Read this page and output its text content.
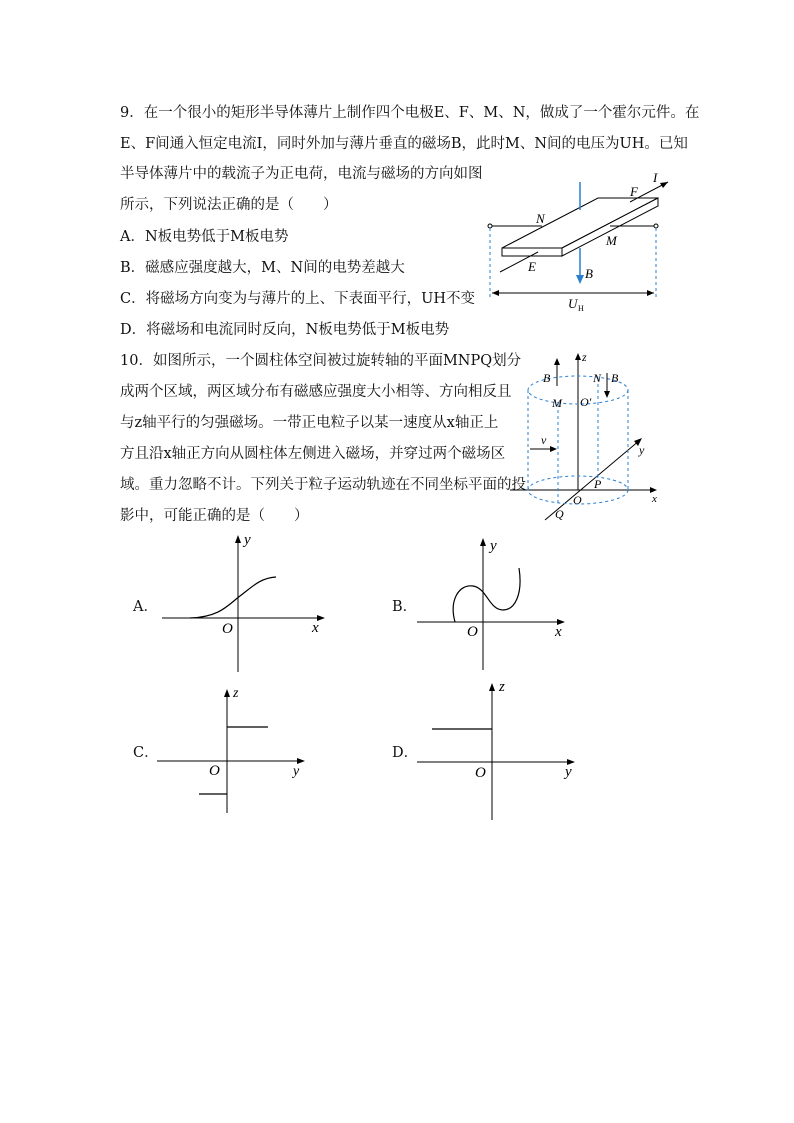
9．在一个很小的矩形半导体薄片上制作四个电极E、F、M、N，做成了一个霍尔元件。在
E、F间通入恒定电流I，同时外加与薄片垂直的磁场B，此时M、N间的电压为UH。已知
半导体薄片中的载流子为正电荷，电流与磁场的方向如图
所示，下列说法正确的是（　　）
A．N板电势低于M板电势
B．磁感应强度越大，M、N间的电势差越大
C．将磁场方向变为与薄片的上、下表面平行，UH不变
D．将磁场和电流同时反向，N板电势低于M板电势
N
F
I
M
E	B
U H
10．如图所示，一个圆柱体空间被过旋转轴的平面MNPQ划分
成两个区域，两区域分布有磁感应强度大小相等、方向相反且
与z轴平行的匀强磁场。一带正电粒子以某一速度从x轴正上
方且沿x轴正方向从圆柱体左侧进入磁场，并穿过两个磁场区
域。重力忽略不计。下列关于粒子运动轨迹在不同坐标平面的投
影中，可能正确的是（　　）
z
B	N B
M O′
v
y
O
P
x
Q
A．
x
y
O
B．
x
y
O
C．
y
z
O
D．
y
z
O
